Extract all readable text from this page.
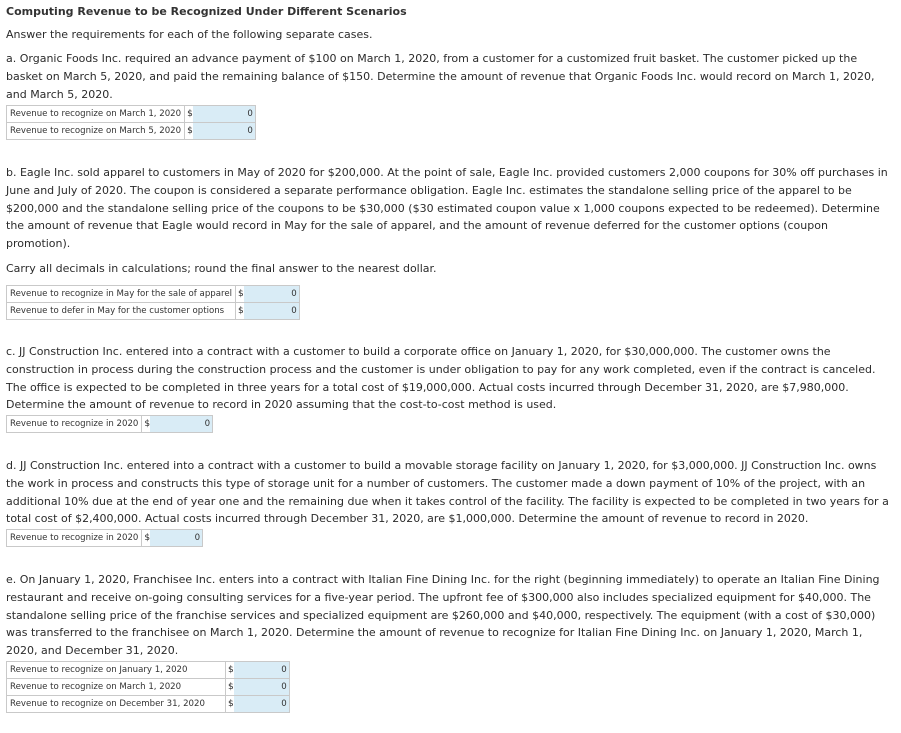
Computing Revenue to be Recognized Under Different Scenarios
Answer the requirements for each of the following separate cases.
a. Organic Foods Inc. required an advance payment of $100 on March 1, 2020, from a customer for a customized fruit basket. The customer picked up the basket on March 5, 2020, and paid the remaining balance of $150. Determine the amount of revenue that Organic Foods Inc. would record on March 1, 2020, and March 5, 2020.
Revenue to recognize on March 1, 2020	$	0
Revenue to recognize on March 5, 2020	$	0
b. Eagle Inc. sold apparel to customers in May of 2020 for $200,000. At the point of sale, Eagle Inc. provided customers 2,000 coupons for 30% off purchases in June and July of 2020. The coupon is considered a separate performance obligation. Eagle Inc. estimates the standalone selling price of the apparel to be $200,000 and the standalone selling price of the coupons to be $30,000 ($30 estimated coupon value x 1,000 coupons expected to be redeemed). Determine the amount of revenue that Eagle would record in May for the sale of apparel, and the amount of revenue deferred for the customer options (coupon promotion).
Carry all decimals in calculations; round the final answer to the nearest dollar.
Revenue to recognize in May for the sale of apparel	$	0
Revenue to defer in May for the customer options	$	0
c. JJ Construction Inc. entered into a contract with a customer to build a corporate office on January 1, 2020, for $30,000,000. The customer owns the construction in process during the construction process and the customer is under obligation to pay for any work completed, even if the contract is canceled. The office is expected to be completed in three years for a total cost of $19,000,000. Actual costs incurred through December 31, 2020, are $7,980,000. Determine the amount of revenue to record in 2020 assuming that the cost-to-cost method is used.
Revenue to recognize in 2020	$	0
d. JJ Construction Inc. entered into a contract with a customer to build a movable storage facility on January 1, 2020, for $3,000,000. JJ Construction Inc. owns the work in process and constructs this type of storage unit for a number of customers. The customer made a down payment of 10% of the project, with an additional 10% due at the end of year one and the remaining due when it takes control of the facility. The facility is expected to be completed in two years for a total cost of $2,400,000. Actual costs incurred through December 31, 2020, are $1,000,000. Determine the amount of revenue to record in 2020.
Revenue to recognize in 2020	$	0
e. On January 1, 2020, Franchisee Inc. enters into a contract with Italian Fine Dining Inc. for the right (beginning immediately) to operate an Italian Fine Dining restaurant and receive on-going consulting services for a five-year period. The upfront fee of $300,000 also includes specialized equipment for $40,000. The standalone selling price of the franchise services and specialized equipment are $260,000 and $40,000, respectively. The equipment (with a cost of $30,000) was transferred to the franchisee on March 1, 2020. Determine the amount of revenue to recognize for Italian Fine Dining Inc. on January 1, 2020, March 1, 2020, and December 31, 2020.
Revenue to recognize on January 1, 2020	$	0
Revenue to recognize on March 1, 2020	$	0
Revenue to recognize on December 31, 2020	$	0
